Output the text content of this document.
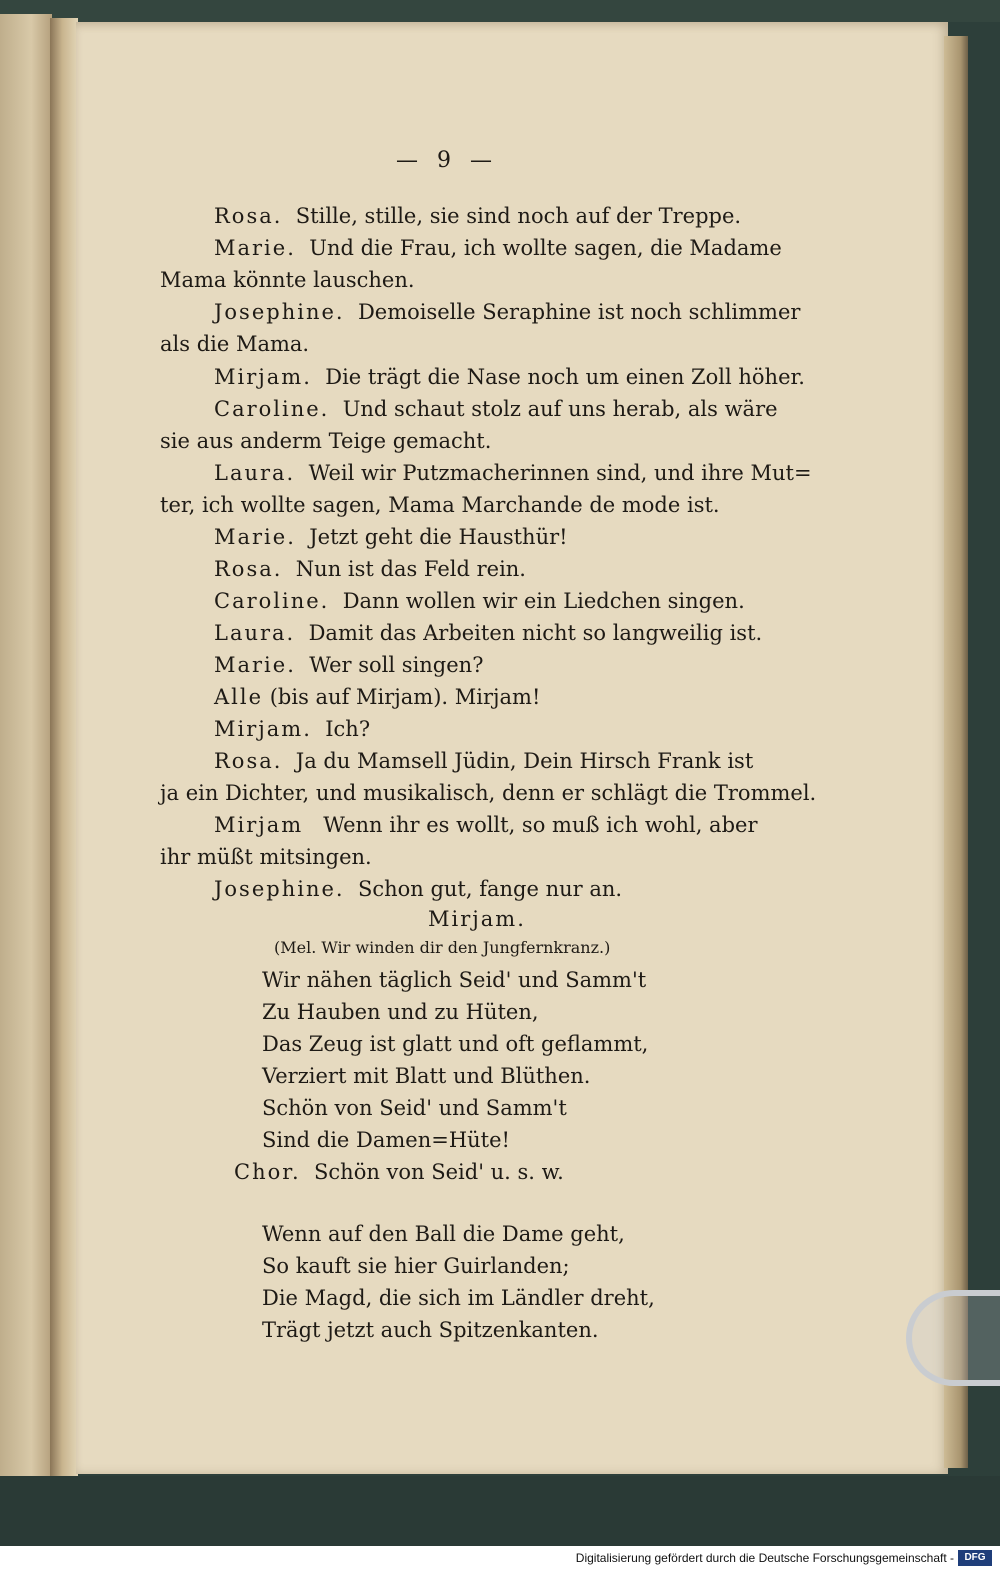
— 9 —
Rosa. Stille, stille, sie sind noch auf der Treppe.
Marie. Und die Frau, ich wollte sagen, die Madame
Mama könnte lauschen.
Josephine. Demoiselle Seraphine ist noch schlimmer
als die Mama.
Mirjam. Die trägt die Nase noch um einen Zoll höher.
Caroline. Und schaut stolz auf uns herab, als wäre
sie aus anderm Teige gemacht.
Laura. Weil wir Putzmacherinnen sind, und ihre Mut=
ter, ich wollte sagen, Mama Marchande de mode ist.
Marie. Jetzt geht die Hausthür!
Rosa. Nun ist das Feld rein.
Caroline. Dann wollen wir ein Liedchen singen.
Laura. Damit das Arbeiten nicht so langweilig ist.
Marie. Wer soll singen?
Alle (bis auf Mirjam). Mirjam!
Mirjam. Ich?
Rosa. Ja du Mamsell Jüdin, Dein Hirsch Frank ist
ja ein Dichter, und musikalisch, denn er schlägt die Trommel.
Mirjam Wenn ihr es wollt, so muß ich wohl, aber
ihr müßt mitsingen.
Josephine. Schon gut, fange nur an.
Mirjam.
(Mel. Wir winden dir den Jungfernkranz.)
Wir nähen täglich Seid' und Samm't
Zu Hauben und zu Hüten,
Das Zeug ist glatt und oft geflammt,
Verziert mit Blatt und Blüthen.
Schön von Seid' und Samm't
Sind die Damen=Hüte!
Chor. Schön von Seid' u. s. w.
Wenn auf den Ball die Dame geht,
So kauft sie hier Guirlanden;
Die Magd, die sich im Ländler dreht,
Trägt jetzt auch Spitzenkanten.
Digitalisierung gefördert durch die Deutsche Forschungsgemeinschaft -	DFG
